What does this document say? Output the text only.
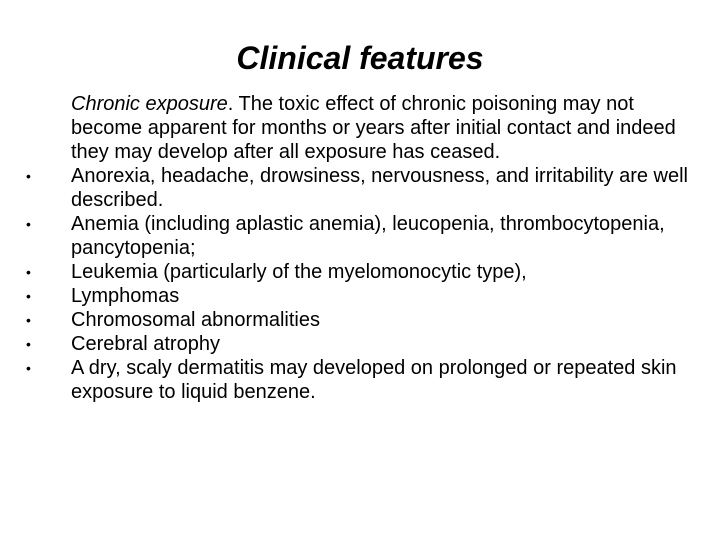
Clinical features

Chronic exposure. The toxic effect of chronic poisoning may not become apparent for months or years after initial contact and indeed they may develop after all exposure has ceased.

•	Anorexia, headache, drowsiness, nervousness, and irritability are well described.

•	Anemia (including aplastic anemia), leucopenia, thrombocytopenia, pancytopenia;

•	Leukemia (particularly of the myelomonocytic type),

•	Lymphomas

•	Chromosomal abnormalities

•	Cerebral atrophy

•	A dry, scaly dermatitis may developed on prolonged or repeated skin exposure to liquid benzene.
